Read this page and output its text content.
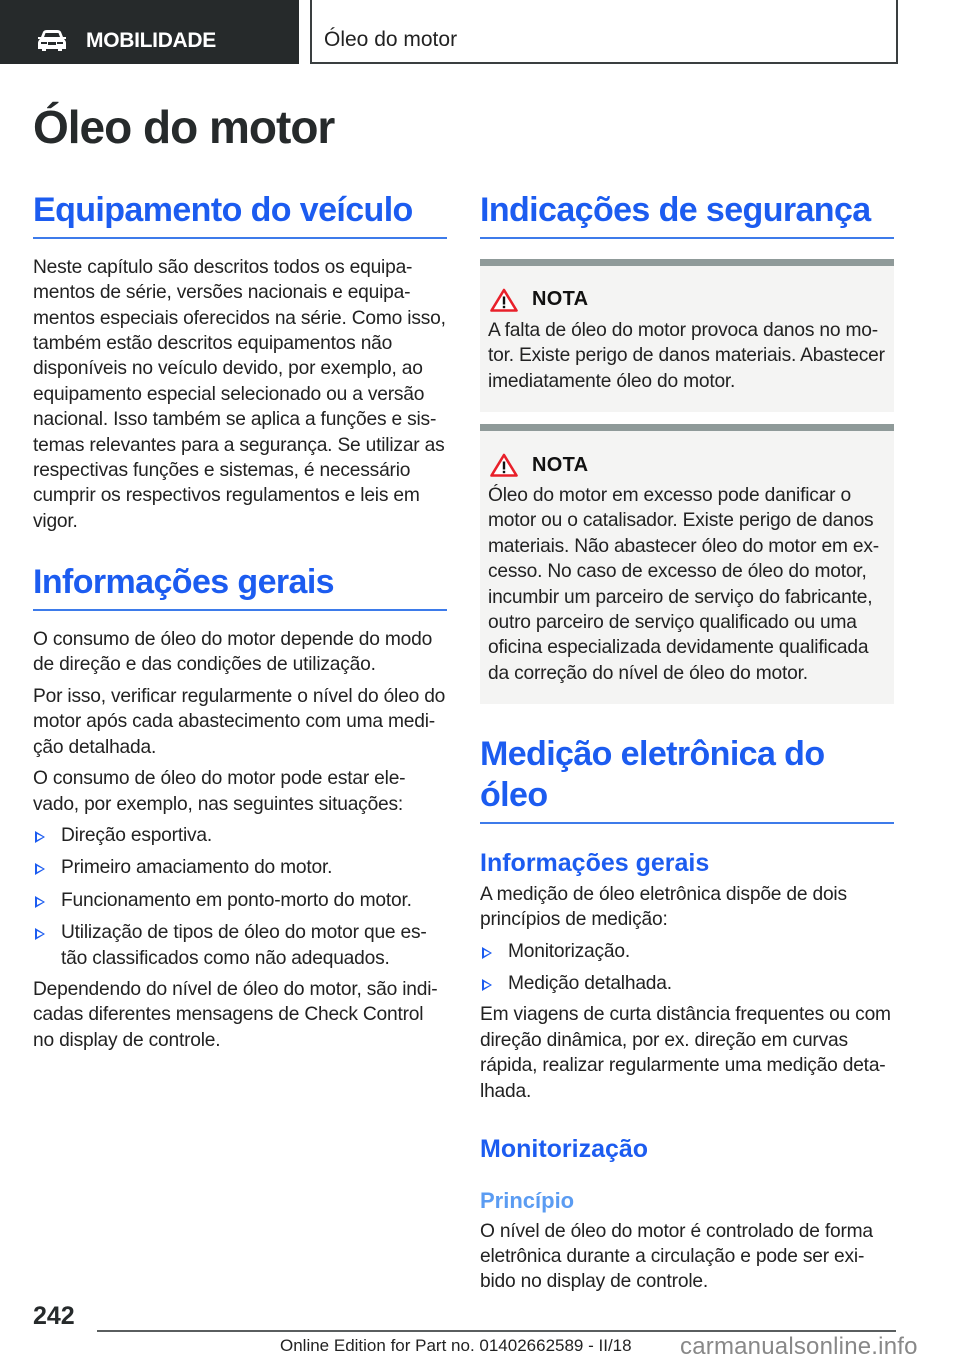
MOBILIDADE	Óleo do motor
Óleo do motor
Equipamento do veículo

Neste capítulo são descritos todos os equipa-mentos de série, versões nacionais e equipa-mentos especiais oferecidos na série. Como isso, também estão descritos equipamentos não disponíveis no veículo devido, por exemplo, ao equipamento especial selecionado ou a versão nacional. Isso também se aplica a funções e sis-temas relevantes para a segurança. Se utilizar as respectivas funções e sistemas, é necessário cumprir os respectivos regulamentos e leis em vigor.

Informações gerais

O consumo de óleo do motor depende do modo de direção e das condições de utilização.

Por isso, verificar regularmente o nível do óleo do motor após cada abastecimento com uma medi-ção detalhada.

O consumo de óleo do motor pode estar ele-vado, por exemplo, nas seguintes situações:

Direção esportiva.
Primeiro amaciamento do motor.
Funcionamento em ponto-morto do motor.
Utilização de tipos de óleo do motor que es-tão classificados como não adequados.

Dependendo do nível de óleo do motor, são indi-cadas diferentes mensagens de Check Control no display de controle.

Indicações de segurança
NOTA

A falta de óleo do motor provoca danos no mo-tor. Existe perigo de danos materiais. Abastecer imediatamente óleo do motor.

NOTA

Óleo do motor em excesso pode danificar o motor ou o catalisador. Existe perigo de danos materiais. Não abastecer óleo do motor em ex-cesso. No caso de excesso de óleo do motor, incumbir um parceiro de serviço do fabricante, outro parceiro de serviço qualificado ou uma oficina especializada devidamente qualificada da correção do nível de óleo do motor.

Medição eletrônica do óleo
Informações gerais

A medição de óleo eletrônica dispõe de dois princípios de medição:

Monitorização.
Medição detalhada.

Em viagens de curta distância frequentes ou com direção dinâmica, por ex. direção em curvas rápida, realizar regularmente uma medição deta-lhada.

Monitorização
Princípio

O nível de óleo do motor é controlado de forma eletrônica durante a circulação e pode ser exi-bido no display de controle.

242
Online Edition for Part no. 01402662589 - II/18 carmanualsonline.info
